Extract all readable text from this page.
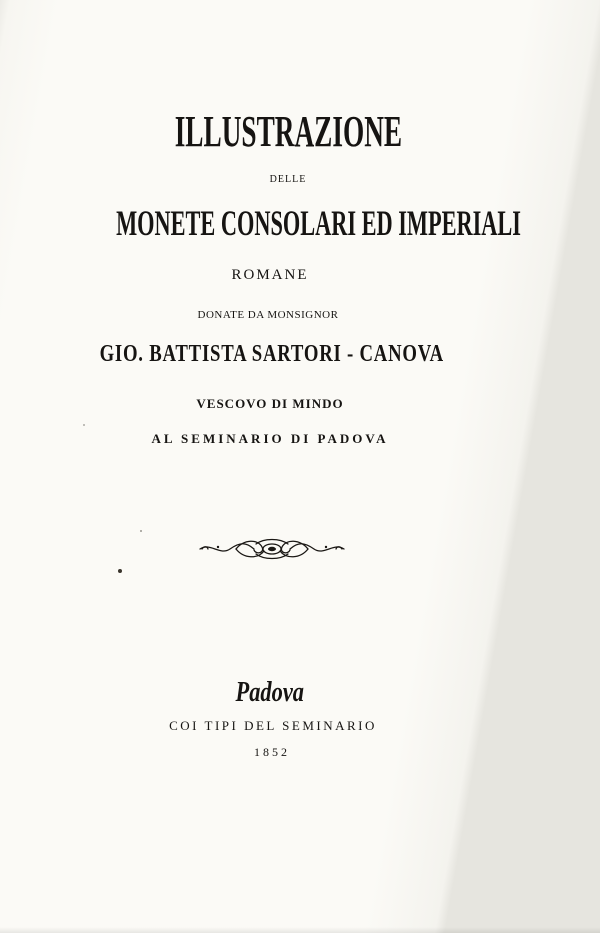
ILLUSTRAZIONE
DELLE
MONETE CONSOLARI ED IMPERIALI
ROMANE
DONATE DA MONSIGNOR
GIO. BATTISTA SARTORI - CANOVA
VESCOVO DI MINDO
AL SEMINARIO DI PADOVA
Padova
COI TIPI DEL SEMINARIO
1852
